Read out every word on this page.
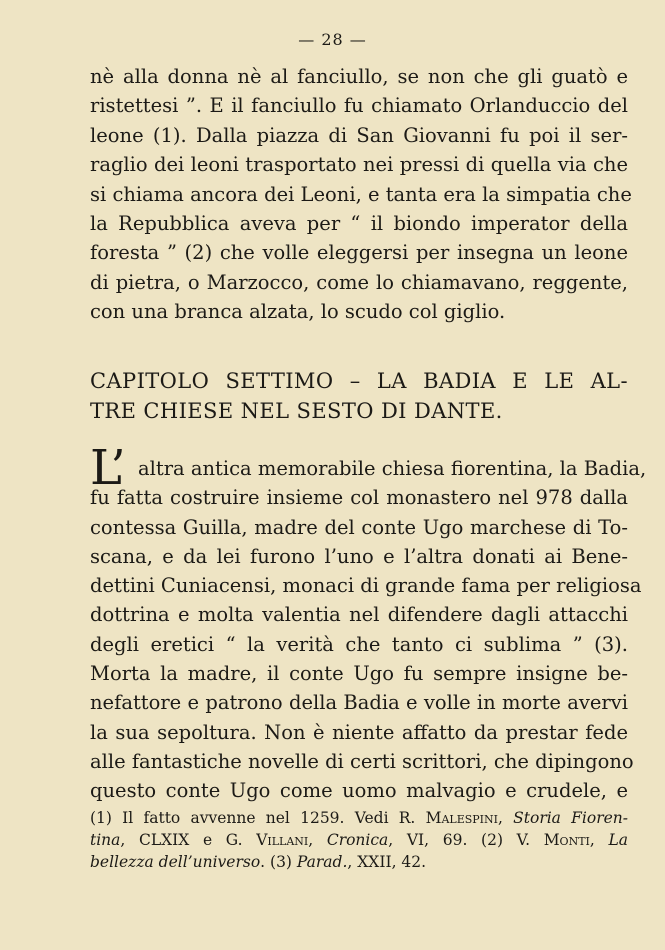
— 28 —
nè alla donna nè al fanciullo, se non che gli guatò e
ristettesi ”. E il fanciullo fu chiamato Orlanduccio del
leone (1). Dalla piazza di San Giovanni fu poi il ser-
raglio dei leoni trasportato nei pressi di quella via che
si chiama ancora dei Leoni, e tanta era la simpatia che
la Repubblica aveva per “ il biondo imperator della
foresta ” (2) che volle eleggersi per insegna un leone
di pietra, o Marzocco, come lo chiamavano, reggente,
con una branca alzata, lo scudo col giglio.
CAPITOLO SETTIMO – LA BADIA E LE AL-
TRE CHIESE NEL SESTO DI DANTE.
L’ altra antica memorabile chiesa fiorentina, la Badia,
fu fatta costruire insieme col monastero nel 978 dalla
contessa Guilla, madre del conte Ugo marchese di To-
scana, e da lei furono l’uno e l’altra donati ai Bene-
dettini Cuniacensi, monaci di grande fama per religiosa
dottrina e molta valentia nel difendere dagli attacchi
degli eretici “ la verità che tanto ci sublima ” (3).
Morta la madre, il conte Ugo fu sempre insigne be-
nefattore e patrono della Badia e volle in morte avervi
la sua sepoltura. Non è niente affatto da prestar fede
alle fantastiche novelle di certi scrittori, che dipingono
questo conte Ugo come uomo malvagio e crudele, e
(1) Il fatto avvenne nel 1259. Vedi R. Malespini, Storia Fioren-
tina, CLXIX e G. Villani, Cronica, VI, 69. (2) V. Monti, La
bellezza dell’universo. (3) Parad., XXII, 42.
